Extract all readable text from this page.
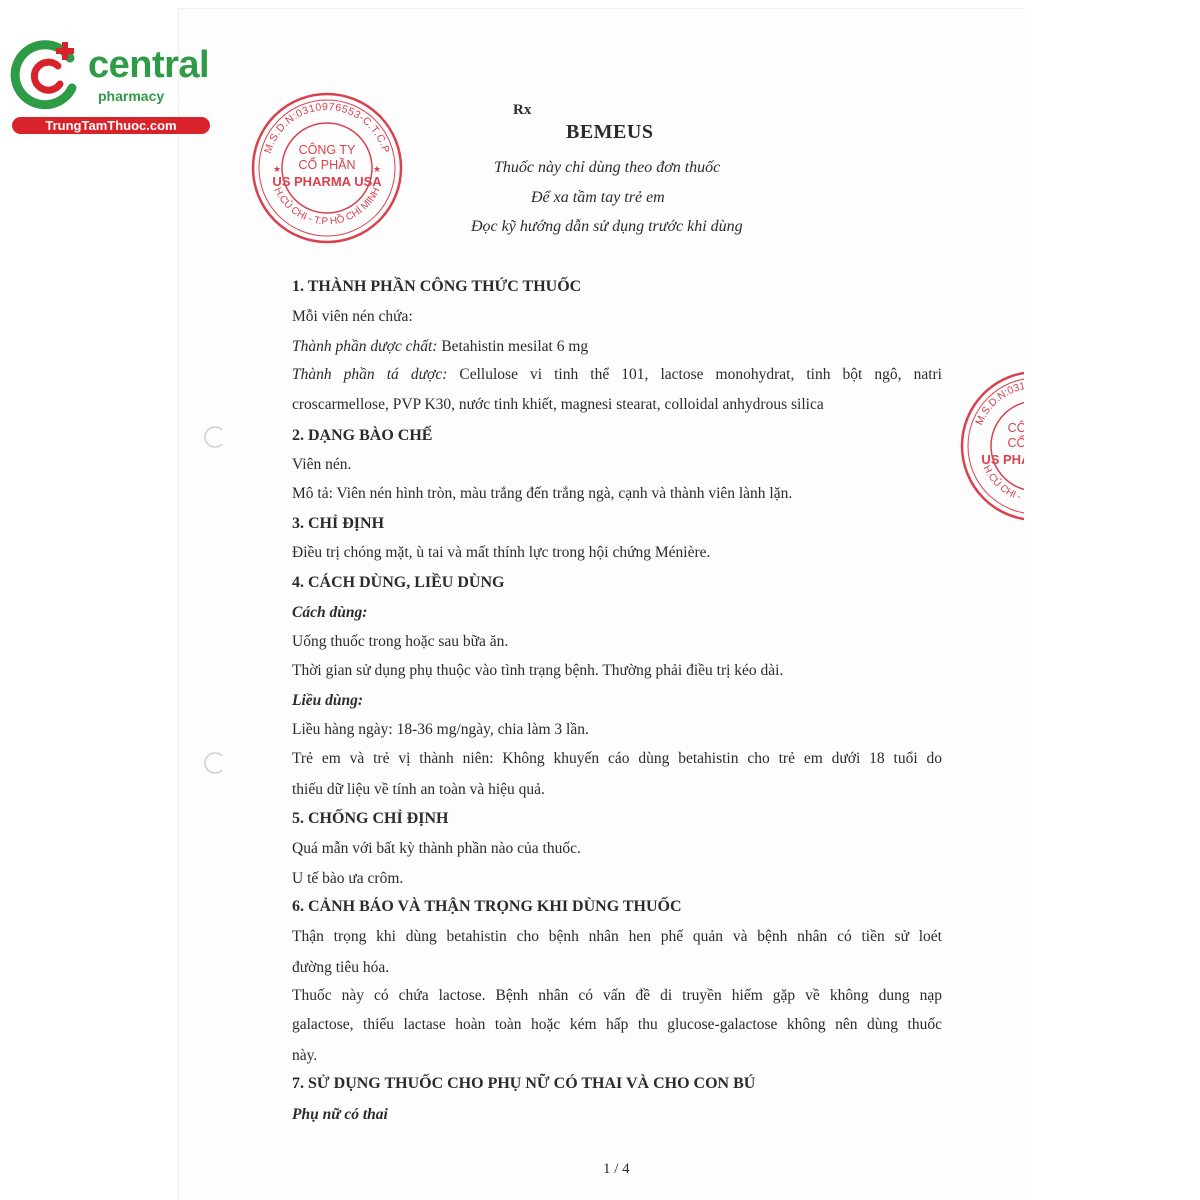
central
pharmacy
TrungTamThuoc.com
M.S.D.N:0310976553-C.T.C.P
H.CỦ CHI - T.P HỒ CHÍ MINH
CÔNG TY
CỔ PHẦN
US PHARMA USA
★	★
M.S.D.N:0310976553-C.T.C.P
H.CỦ CHI - T.P HỒ CHÍ MINH
CÔNG TY
CỔ PHẦN
US PHARMA USA
Rx
BEMEUS
Thuốc này chỉ dùng theo đơn thuốc
Để xa tầm tay trẻ em
Đọc kỹ hướng dẫn sử dụng trước khi dùng
1. THÀNH PHẦN CÔNG THỨC THUỐC
Mỗi viên nén chứa:
Thành phần dược chất: Betahistin mesilat 6 mg
Thành phần tá dược: Cellulose vi tinh thể 101, lactose monohydrat, tinh bột ngô, natri
croscarmellose, PVP K30, nước tinh khiết, magnesi stearat, colloidal anhydrous silica
2. DẠNG BÀO CHẾ
Viên nén.
Mô tả: Viên nén hình tròn, màu trắng đến trắng ngà, cạnh và thành viên lành lặn.
3. CHỈ ĐỊNH
Điều trị chóng mặt, ù tai và mất thính lực trong hội chứng Ménière.
4. CÁCH DÙNG, LIỀU DÙNG
Cách dùng:
Uống thuốc trong hoặc sau bữa ăn.
Thời gian sử dụng phụ thuộc vào tình trạng bệnh. Thường phải điều trị kéo dài.
Liều dùng:
Liều hàng ngày: 18-36 mg/ngày, chia làm 3 lần.
Trẻ em và trẻ vị thành niên: Không khuyến cáo dùng betahistin cho trẻ em dưới 18 tuổi do
thiếu dữ liệu về tính an toàn và hiệu quả.
5. CHỐNG CHỈ ĐỊNH
Quá mẫn với bất kỳ thành phần nào của thuốc.
U tế bào ưa crôm.
6. CẢNH BÁO VÀ THẬN TRỌNG KHI DÙNG THUỐC
Thận trọng khi dùng betahistin cho bệnh nhân hen phế quản và bệnh nhân có tiền sử loét
đường tiêu hóa.
Thuốc này có chứa lactose. Bệnh nhân có vấn đề di truyền hiếm gặp về không dung nạp
galactose, thiếu lactase hoàn toàn hoặc kém hấp thu glucose-galactose không nên dùng thuốc
này.
7. SỬ DỤNG THUỐC CHO PHỤ NỮ CÓ THAI VÀ CHO CON BÚ
Phụ nữ có thai
1 / 4
